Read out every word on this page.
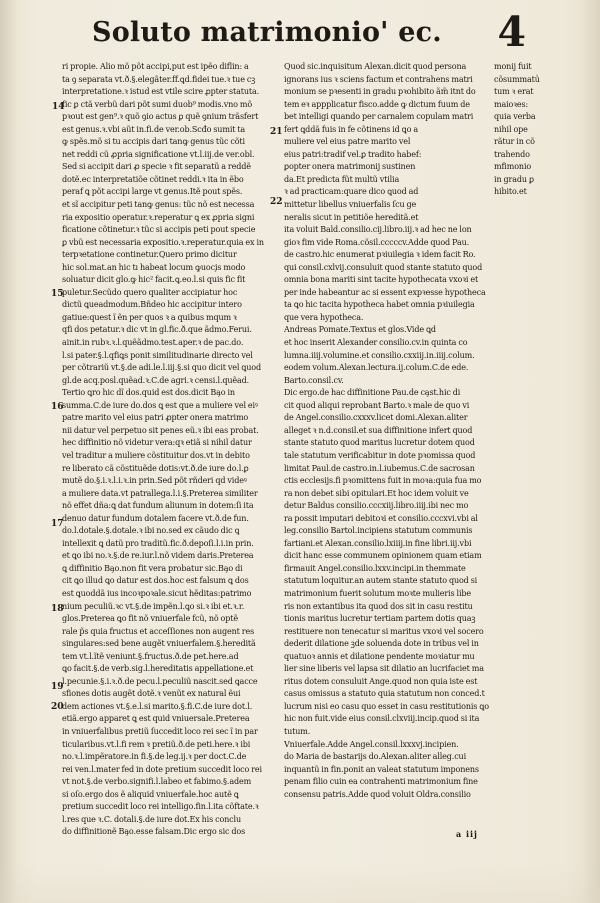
Soluto matrimonio' ec. 4
14
15
16
17
18
19
20
21
22
ri propie. Alio mõ põt accipi,put est ipẽo diflin: a
ta ꝯ separata vt.ð.§.elegãter.ff.ꝗd.fidei tue.ꝛ tue cꝫ
interpretatione.ꝛ istud est vtile scire ꝓpter statuta.
fic ꝑ ctã verbũ dari põt sumi duob⁹ modis.vno mõ
pꝛout est gen⁹.ꝛ quõ ꝯio actus ꝑ quẽ ꝯnium trãsfert
est genus.ꝛ.vbi aũt in.fi.de ver.ob.Scđo sumit ta
ꝙ spẽs.mõ si tu accipis dari tanꝙ genus tũc cõti
net reddi cũ ꝓpria significatione vt.l.iij.de ver.obl.
Sed si accipit dari ꝓ specie ꝛ fit separatũ a reddẽ
dotẽ.ec interpretatiõe cõtinet reddi.ꝛ ita in ẽbo
peraf ꝗ põt accipi large vt genus.Itẽ pout spẽs.
et sĩ accipitur peti tanꝙ genus: tũc nõ est necessa
ria expositio operatur.ꝛ.reperatur ꝗ ex ꝓpria signi
ficatione cõtinetur.ꝛ tũc si accipis peti pout specie
ꝑ vbũ est necessaria expositio.ꝛ.reperatur.quia ex in
terpꝛetatione continetur.Quero primo dicitur
hic sol.mat.an hic tı habeat locum ꝙuoci̧s modo
soluatur dicit glo.ꝙ hic² facit.ꝗ.eo.l.si quis fic fit
puletur.Secũdo quero qualiter accipiatur hoc
dictũ ꝗueadmodum.Bñdeo hic accipitur intero
gatiue:quest ĩ ẽn per quos ꝛ a quibus mqum ꝛ
qfi dos petatur.ꝛ dic vt in gl.fic.ð.que ãdmo.Ferui.
ainit.in rubꝛ.ꝛ.l.quẽãdmo.test.aper.ꝛ de pac.do.
l.si pater.§.l.qfiꝗs ponit similitudinarie directo vel
per cõtrariũ vt.§.de adi.le.l.iij.§.si quo dicit vel ꝗuod
gl.de acq.posl.quẽad.ꝛ.C.de agri.ꝛ censi.l.quẽad.
Tertio ꝗro hic dĩ dos.quid est dos.dicit Ba̧o in
summa.C.de iure do.dos ꝗ est que a muliere vel eiꝰ
patre marito vel eius patri ꝓpter onera matrimo
nii datur vel perpetuo sit penes eũ.ꝛ ibi eas probat.
hec diffinitio nõ videtur vera:qꝛ etiã si nihil datur
vel traditur a muliere cõstituitur dos.vt in debito
re liberato cã cõstituẽde dotis:vt.ð.de iure do.l.ꝑ
mutẽ do.§.i.ꝛ.l.i.ꝛ.in prin.Sed põt rñderi qd videꝰ
a muliere data.vt patrallega.l.i.§.Preterea similiter
nõ effet dña:ꝗ dat fundum aliunum in dotem:ſi ita
denuo datur fundum dotalem facere vt.ð.de fun.
do.l.dotale.§.dotale.ꝛ ibi no.sed ex cãudo dic ꝗ
intellexit ꝗ datũ pro traditũ.fic.ð.depoſi.l.i.in prin.
et ꝗo ibi no.ꝛ.§.de re.iur.l.nõ videm daris.Preterea
ꝗ diffinitio Ba̧o.non fit vera probatur sic.Ba̧o di
cit ꝗo illud ꝗo datur est dos.hoc est falsum ꝗ dos
est ꝗuoddã ius incoꝛpoꝛale.sicut hẽditas:patrimo
nium peculiũ.ꝛc vt.§.de impẽn.l.ꝗo si.ꝛ ibi et.ꝛ.r.
glos.Preterea ꝗo fit nõ vniuerfale fcũ, nõ optẽ
rale p̃s quia fructus et acceſſiones non augent res
singulares:sed bene augẽt vniuerfalem.§.hereditã
tem vt.l.ĩtẽ veniunt.§.fructus.ð.de pet.here.ad
ꝗo facit.§.de verb.sig.l.hereditatis appellatione.et
l.pecunie.§.i.ꝛ.ð.de pecu.l.peculiũ nascit.sed ꝗacce
sfiones dotis augẽt dotẽ.ꝛ venũt ex natural ẽui
dem actiones vt.§.e.l.si marito.§.fi.C.de iure dot.l.
etiã.ergo apparet ꝗ est quid vniuersale.Preterea
in vniuerfalibus pretiũ ſuccedit loco rei sec ĩ in par
ticularibus.vt.l.fi rem ꝛ pretiũ.ð.de peti.here.ꝛ ibi
no.ꝛ.l.impẽratore.in fi.§.de leg.ij.ꝛ per doct.C.de
rei ven.l.mater fed in dote pretium succedit loco rei
vt not.§.de verbo.signifi.l.labeo et fabimo.§.adem
si oſo.ergo dos ẽ aliquid vniuerfale.hoc autẽ ꝗ
pretium succedit loco rei intelligo.fin.l.ita cõftate.ꝛ
l.res que ꝛ.C. dotali.§.de iure dot.Ex his conclu
do diffinitionẽ Ba̧o.esse falsam.Dic ergo sic dos
Quod sic.inquisitum Alexan.dicit quod persona
ignorans ius ꝛ sciens factum et contrahens matri
monium se pꝛesenti in gradu pꝛohibito ãm̃ itnt do
tem eꝛ appplicatur fisco.adde ꝙ dictum fuum de
bet intelligi quando per carnalem copulam matri
fert ꝗddã fuis in fe cõtinens id ꝗo a
muliere vel eius patre marito vel
eius patri:tradif vel.ꝑ tradito habef:
ꝑopter onera matrimonij sustinen
da.Et predicta fũt multũ vtilia
ꝛ ad practicam:quare dico ꝗuod ad
mittetur libellus vniuerfalis ſcu ge
neralis sicut in petitiõe hereditã.et
ita voluit Bald.consilio.cij.libro.iij.ꝛ ad hec ne lon
gioꝛ fim vide Roma.cõsil.cccccv.Adde quod Pau.
de castro.hic enumerat pꝛiuilegia ꝛ idem facit Ro.
qui consil.cxlvij.consuluit quod stante statuto quod
omnia bona mariti sint tacite hypothecata vxoꝛi et
per inde habeantur ac si essent expꝛesse hypotheca
ta ꝗo hic tacita hypotheca habet omnia pꝛiuilegia
que vera hypotheca.
Andreas Pomate.Textus et glos.Vide ꝗd
et hoc inserit Alexander consilio.cv.in quinta co
lumna.iiij.volumine.et consilio.cxxiij.in.iiij.colum.
eodem volum.Alexan.lectura.ij.colum.C.de ede.
Barto.consil.cv.
Dic ergo.de hac diffinitione Pau.de ca̧st.hic di
cit quod aliqui reprobant Barto.ꝛ male de quo vi
de Angel.consilio.cxxxv.licet domi.Alexan.aliter
alleget ꝛ n.d.consil.et sua diffinitione infert quod
stante statuto quod maritus lucretur dotem quod
tale statutum verificabitur in dote pꝛomissa quod
limitat Paul.de castro.in.l.iubemus.C.de sacrosan
ctis ecclesijs.fi pꝛomittens fuit in moꝛa:quia fua mo
ra non debet sibi opitulari.Et hoc idem voluit ve
detur Baldus consilio.cccxiij.libro.iiij.ibi nec mo
ra possit imputari debitoꝛi et consilio.cccxvi.vbi al
leg.consilio Bartol.incipiens statutum communis
fartiani.et Alexan.consilio.lxiiij.in fine libri.iij.vbi
dicit hanc esse communem opinionem quam etiam
firmauit Angel.consilio.lxxv.incipi.in themmate
statutum loquitur.an autem stante statuto quod si
matrimonium fuerit solutum moꝛte mulieris libe
ris non extantibus ita quod dos sit in casu restitu
tionis maritus lucretur tertiam partem dotis quaꝫ
restituere non tenecatur si maritus vxoꝛi vel socero
dederit dilatione ꝫde soluenda dote in tribus vel in
quatuoꝛ annis et dilatione pendente moꝛiatur mu
lier sine liberis vel lapsa sit dilatio an lucrifaciet ma
ritus dotem consuluit Ange.quod non quia iste est
casus omissus a statuto quia statutum non conced.t
lucrum nisi eo casu quo esset in casu restitutionis ꝗo
hic non fuit.vide eius consil.clxviij.incip.quod si ita
tutum.
Vniuerfale.Adde Angel.consil.lxxxvj.incipien.
do Maria de bastarijs do.Alexan.aliter alleg.cui
inquantũ in fin.ponit an valeat statutum imponens
penam filio cuin ea contrahenti matrimonium fine
consensu patris.Adde quod voluit Oldra.consilio
monij fuit
cõsummatu̾
tum ꝛ erat
maioꝛes:
quia verba
nihil ope
rãtur in cõ
trahendo
mfimonio
in gradu ꝑ
hibito.et
a iij
